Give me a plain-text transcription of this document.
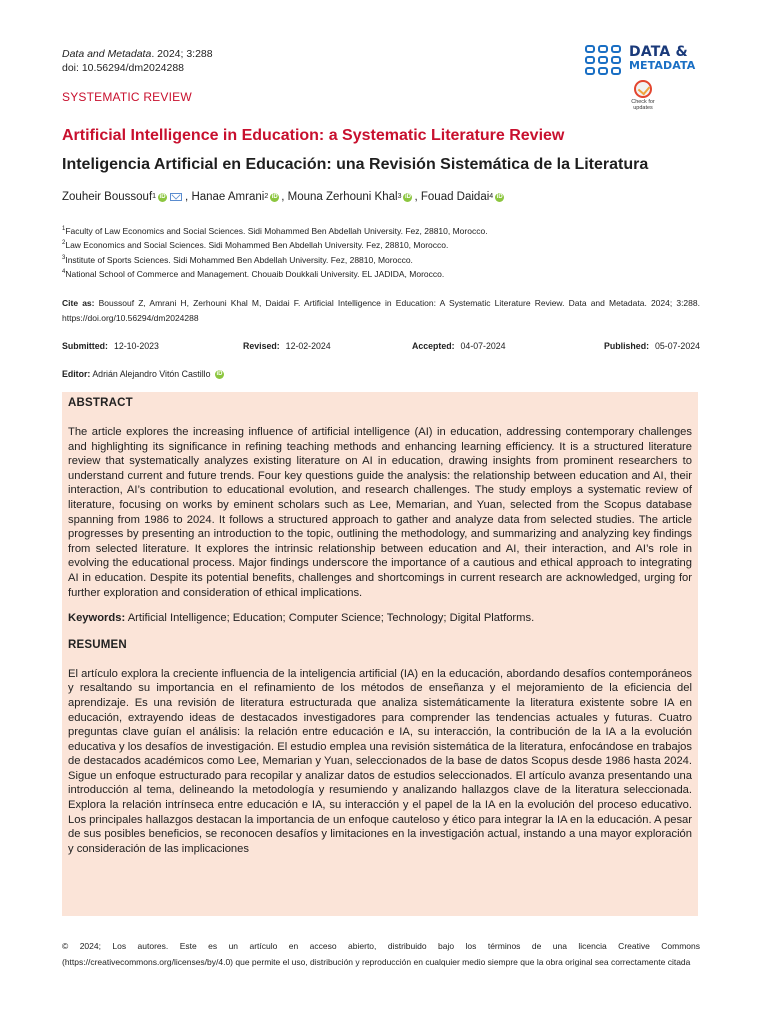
Data and Metadata. 2024; 3:288
doi: 10.56294/dm2024288
DATA &
METADATA
Check for
updates
SYSTEMATIC REVIEW
Artificial Intelligence in Education: a Systematic Literature Review
Inteligencia Artificial en Educación: una Revisión Sistemática de la Literatura
Zouheir Boussouf 1 iD , Hanae Amrani 2 iD , Mouna Zerhouni Khal 3 iD , Fouad Daidai 4 iD
$^1$Faculty of Law Economics and Social Sciences. Sidi Mohammed Ben Abdellah University. Fez, 28810, Morocco.
$^2$Law Economics and Social Sciences. Sidi Mohammed Ben Abdellah University. Fez, 28810, Morocco.
$^3$Institute of Sports Sciences. Sidi Mohammed Ben Abdellah University. Fez, 28810, Morocco.
$^4$National School of Commerce and Management. Chouaib Doukkali University. EL JADIDA, Morocco.
Cite as: Boussouf Z, Amrani H, Zerhouni Khal M, Daidai F. Artificial Intelligence in Education: A Systematic Literature Review. Data and Metadata. 2024; 3:288. https://doi.org/10.56294/dm2024288
Submitted: 12-10-2023	Revised: 12-02-2024	Accepted: 04-07-2024	Published: 05-07-2024
Editor: Adrián Alejandro Vitón Castillo iD
ABSTRACT
The article explores the increasing influence of artificial intelligence (AI) in education, addressing contemporary challenges and highlighting its significance in refining teaching methods and enhancing learning efficiency. It is a structured literature review that systematically analyzes existing literature on AI in education, drawing insights from prominent researchers to understand current and future trends. Four key questions guide the analysis: the relationship between education and AI, their interaction, AI’s contribution to educational evolution, and research challenges. The study employs a systematic review of literature, focusing on works by eminent scholars such as Lee, Memarian, and Yuan, selected from the Scopus database spanning from 1986 to 2024. It follows a structured approach to gather and analyze data from selected studies. The article progresses by presenting an introduction to the topic, outlining the methodology, and summarizing and analyzing key findings from selected literature. It explores the intrinsic relationship between education and AI, their interaction, and AI’s role in evolving the educational process. Major findings underscore the importance of a cautious and ethical approach to integrating AI in education. Despite its potential benefits, challenges and shortcomings in current research are acknowledged, urging for further exploration and consideration of ethical implications.
Keywords: Artificial Intelligence; Education; Computer Science; Technology; Digital Platforms.
RESUMEN
El artículo explora la creciente influencia de la inteligencia artificial (IA) en la educación, abordando desafíos contemporáneos y resaltando su importancia en el refinamiento de los métodos de enseñanza y el mejoramiento de la eficiencia del aprendizaje. Es una revisión de literatura estructurada que analiza sistemáticamente la literatura existente sobre IA en educación, extrayendo ideas de destacados investigadores para comprender las tendencias actuales y futuras. Cuatro preguntas clave guían el análisis: la relación entre educación e IA, su interacción, la contribución de la IA a la evolución educativa y los desafíos de investigación. El estudio emplea una revisión sistemática de la literatura, enfocándose en trabajos de destacados académicos como Lee, Memarian y Yuan, seleccionados de la base de datos Scopus desde 1986 hasta 2024. Sigue un enfoque estructurado para recopilar y analizar datos de estudios seleccionados. El artículo avanza presentando una introducción al tema, delineando la metodología y resumiendo y analizando hallazgos clave de la literatura seleccionada. Explora la relación intrínseca entre educación e IA, su interacción y el papel de la IA en la evolución del proceso educativo. Los principales hallazgos destacan la importancia de un enfoque cauteloso y ético para integrar la IA en la educación. A pesar de sus posibles beneficios, se reconocen desafíos y limitaciones en la investigación actual, instando a una mayor exploración y consideración de las implicaciones
© 2024; Los autores. Este es un artículo en acceso abierto, distribuido bajo los términos de una licencia Creative Commons (https://creativecommons.org/licenses/by/4.0) que permite el uso, distribución y reproducción en cualquier medio siempre que la obra original sea correctamente citada
